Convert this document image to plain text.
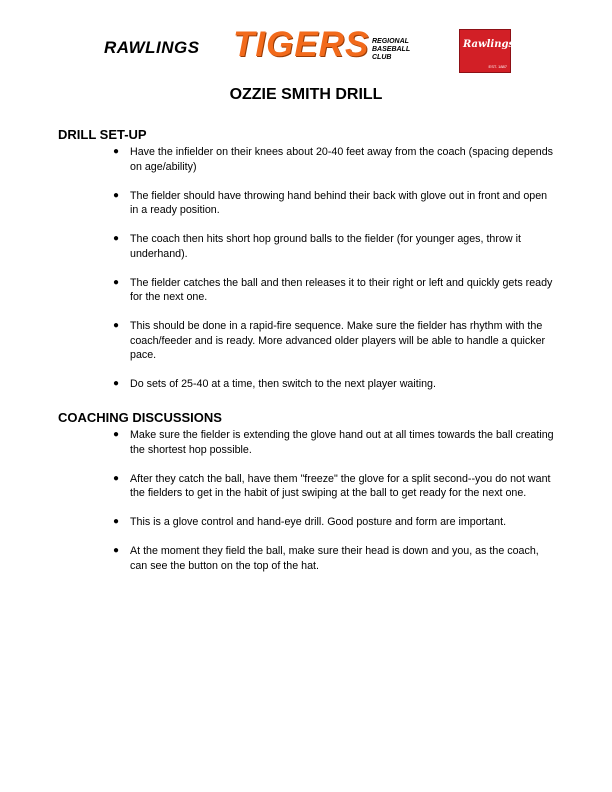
RAWLINGS TIGERS REGIONAL
BASEBALL
CLUB
Rawlings
EST. 1887
OZZIE SMITH DRILL
DRILL SET-UP
● Have the infielder on their knees about 20-40 feet away from the coach (spacing depends on age/ability)
● The fielder should have throwing hand behind their back with glove out in front and open in a ready position.
● The coach then hits short hop ground balls to the fielder (for younger ages, throw it underhand).
● The fielder catches the ball and then releases it to their right or left and quickly gets ready for the next one.
● This should be done in a rapid-fire sequence. Make sure the fielder has rhythm with the coach/feeder and is ready. More advanced older players will be able to handle a quicker pace.
● Do sets of 25-40 at a time, then switch to the next player waiting.
COACHING DISCUSSIONS
● Make sure the fielder is extending the glove hand out at all times towards the ball creating the shortest hop possible.
● After they catch the ball, have them "freeze" the glove for a split second--you do not want the fielders to get in the habit of just swiping at the ball to get ready for the next one.
● This is a glove control and hand-eye drill. Good posture and form are important.
● At the moment they field the ball, make sure their head is down and you, as the coach, can see the button on the top of the hat.
